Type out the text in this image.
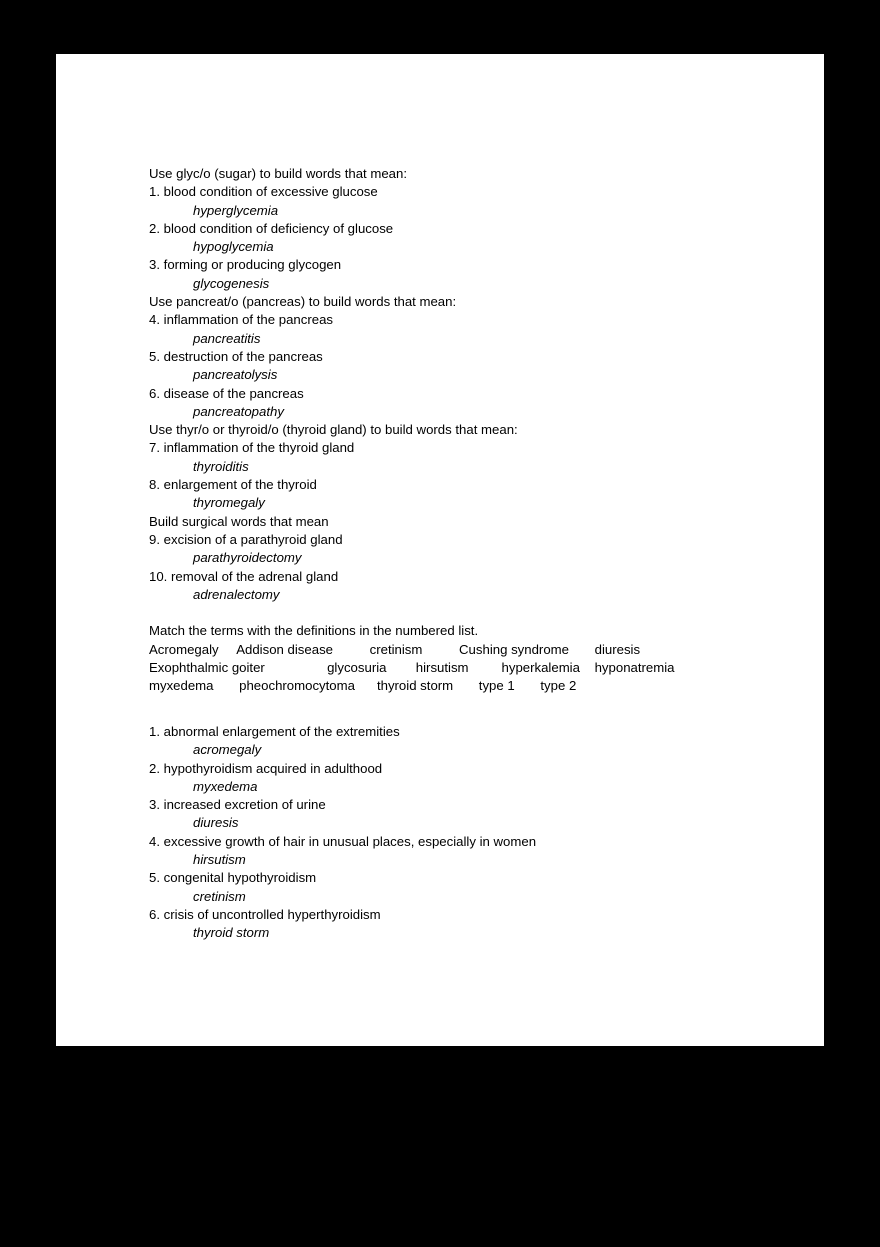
Use glyc/o (sugar) to build words that mean:
1. blood condition of excessive glucose
hyperglycemia
2. blood condition of deficiency of glucose
hypoglycemia
3. forming or producing glycogen
glycogenesis
Use pancreat/o (pancreas) to build words that mean:
4. inflammation of the pancreas
pancreatitis
5. destruction of the pancreas
pancreatolysis
6. disease of the pancreas
pancreatopathy
Use thyr/o or thyroid/o (thyroid gland) to build words that mean:
7. inflammation of the thyroid gland
thyroiditis
8. enlargement of the thyroid
thyromegaly
Build surgical words that mean
9. excision of a parathyroid gland
parathyroidectomy
10. removal of the adrenal gland
adrenalectomy
Match the terms with the definitions in the numbered list.
Acromegaly     Addison disease          cretinism          Cushing syndrome       diuresis
Exophthalmic goiter                 glycosuria        hirsutism         hyperkalemia    hyponatremia
myxedema       pheochromocytoma      thyroid storm       type 1       type 2
1. abnormal enlargement of the extremities
acromegaly
2. hypothyroidism acquired in adulthood
myxedema
3. increased excretion of urine
diuresis
4. excessive growth of hair in unusual places, especially in women
hirsutism
5. congenital hypothyroidism
cretinism
6. crisis of uncontrolled hyperthyroidism
thyroid storm
